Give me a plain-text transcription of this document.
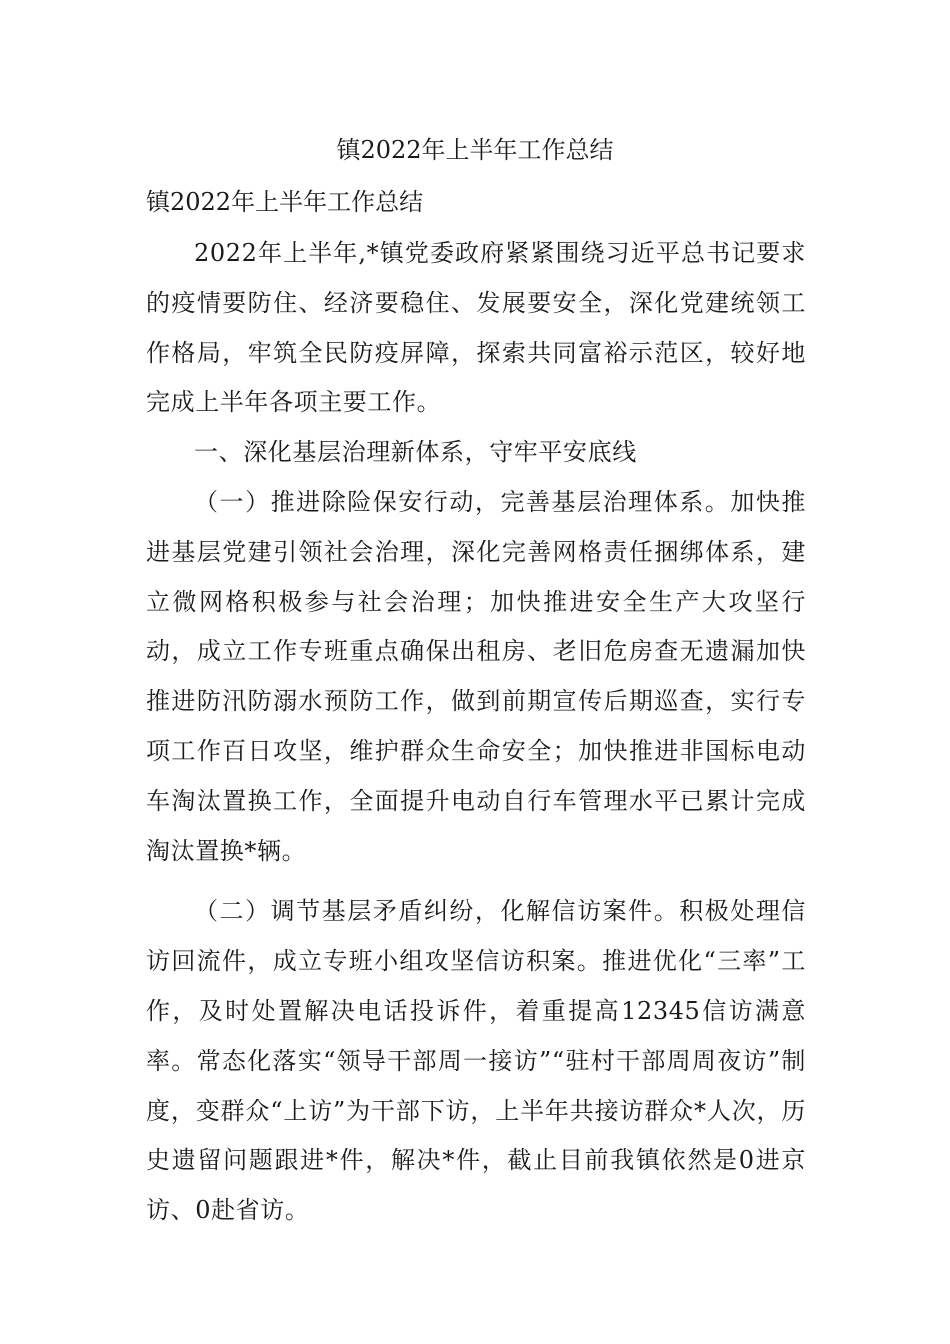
镇2022年上半年工作总结
镇2022年上半年工作总结

2022年上半年,*镇党委政府紧紧围绕习近平总书记要求的疫情要防住、经济要稳住、发展要安全，深化党建统领工作格局，牢筑全民防疫屏障，探索共同富裕示范区，较好地完成上半年各项主要工作。

一、深化基层治理新体系，守牢平安底线

（一）推进除险保安行动，完善基层治理体系。加快推进基层党建引领社会治理，深化完善网格责任捆绑体系，建立微网格积极参与社会治理；加快推进安全生产大攻坚行动，成立工作专班重点确保出租房、老旧危房查无遗漏加快推进防汛防溺水预防工作，做到前期宣传后期巡查，实行专项工作百日攻坚，维护群众生命安全；加快推进非国标电动车淘汰置换工作，全面提升电动自行车管理水平已累计完成淘汰置换*辆。

（二）调节基层矛盾纠纷，化解信访案件。积极处理信访回流件，成立专班小组攻坚信访积案。推进优化“三率”工作，及时处置解决电话投诉件，着重提高12345信访满意率。常态化落实“领导干部周一接访”“驻村干部周周夜访”制度，变群众“上访”为干部下访，上半年共接访群众*人次，历史遗留问题跟进*件，解决*件，截止目前我镇依然是0进京访、0赴省访。
